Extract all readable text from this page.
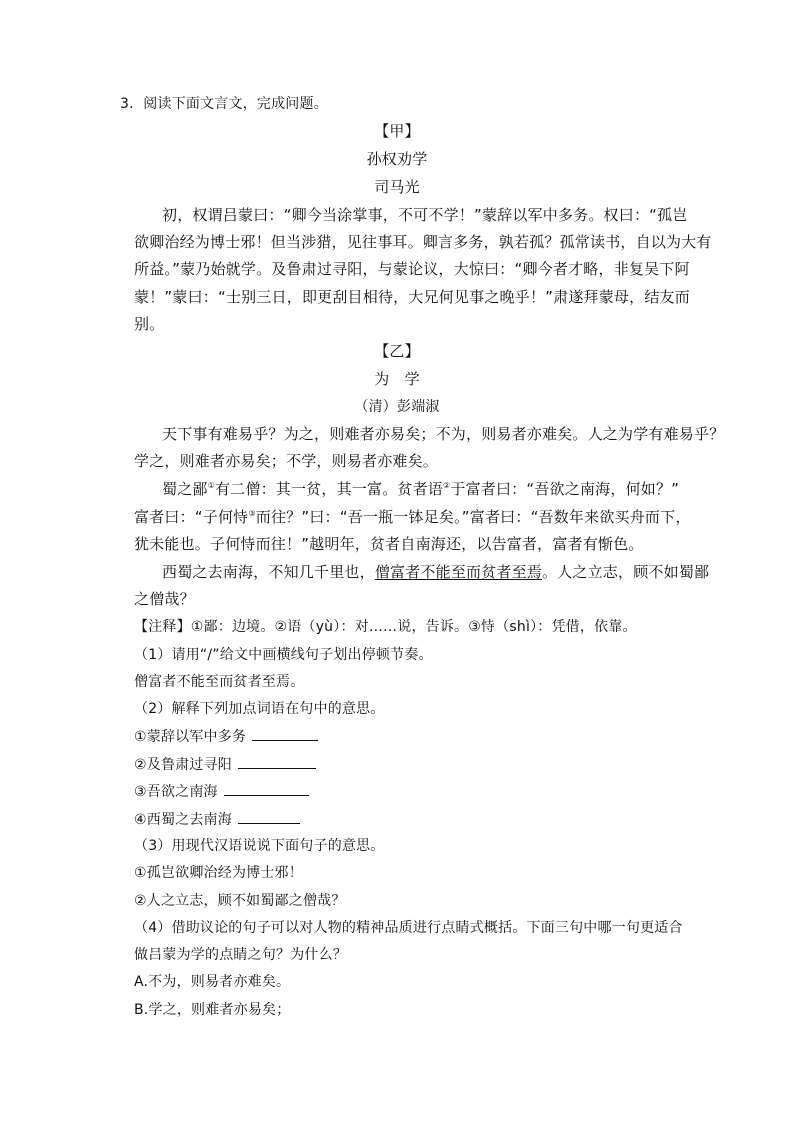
3．阅读下面文言文，完成问题。
【甲】
孙权劝学
司马光
初，权谓吕蒙曰：“卿今当涂掌事，不可不学！”蒙辞以军中多务。权曰：“孤岂
欲卿治经为博士邪！但当涉猎，见往事耳。卿言多务，孰若孤？孤常读书，自以为大有
所益。”蒙乃始就学。及鲁肃过寻阳，与蒙论议，大惊曰：“卿今者才略，非复吴下阿
蒙！”蒙曰：“士别三日，即更刮目相待，大兄何见事之晚乎！”肃遂拜蒙母，结友而
别。
【乙】
为　学
（清）彭端淑
天下事有难易乎？为之，则难者亦易矣；不为，则易者亦难矣。人之为学有难易乎？
学之，则难者亦易矣；不学，则易者亦难矣。
蜀之鄙①有二僧：其一贫，其一富。贫者语②于富者曰：“吾欲之南海，何如？”
富者曰：“子何恃③而往？”曰：“吾一瓶一钵足矣。”富者曰：“吾数年来欲买舟而下，
犹未能也。子何恃而往！”越明年，贫者自南海还，以告富者，富者有惭色。
西蜀之去南海，不知几千里也，僧富者不能至而贫者至焉。人之立志，顾不如蜀鄙
之僧哉？
【注释】①鄙：边境。②语（yù）：对……说，告诉。③恃（shì）：凭借，依靠。
（1）请用“/”给文中画横线句子划出停顿节奏。
僧富者不能至而贫者至焉。
（2）解释下列加点词语在句中的意思。
①蒙辞以军中多务
②及鲁肃过寻阳
③吾欲之南海
④西蜀之去南海
（3）用现代汉语说说下面句子的意思。
①孤岂欲卿治经为博士邪！
②人之立志，顾不如蜀鄙之僧哉？
（4）借助议论的句子可以对人物的精神品质进行点睛式概括。下面三句中哪一句更适合
做吕蒙为学的点睛之句？为什么？
A.不为，则易者亦难矣。
B.学之，则难者亦易矣；
